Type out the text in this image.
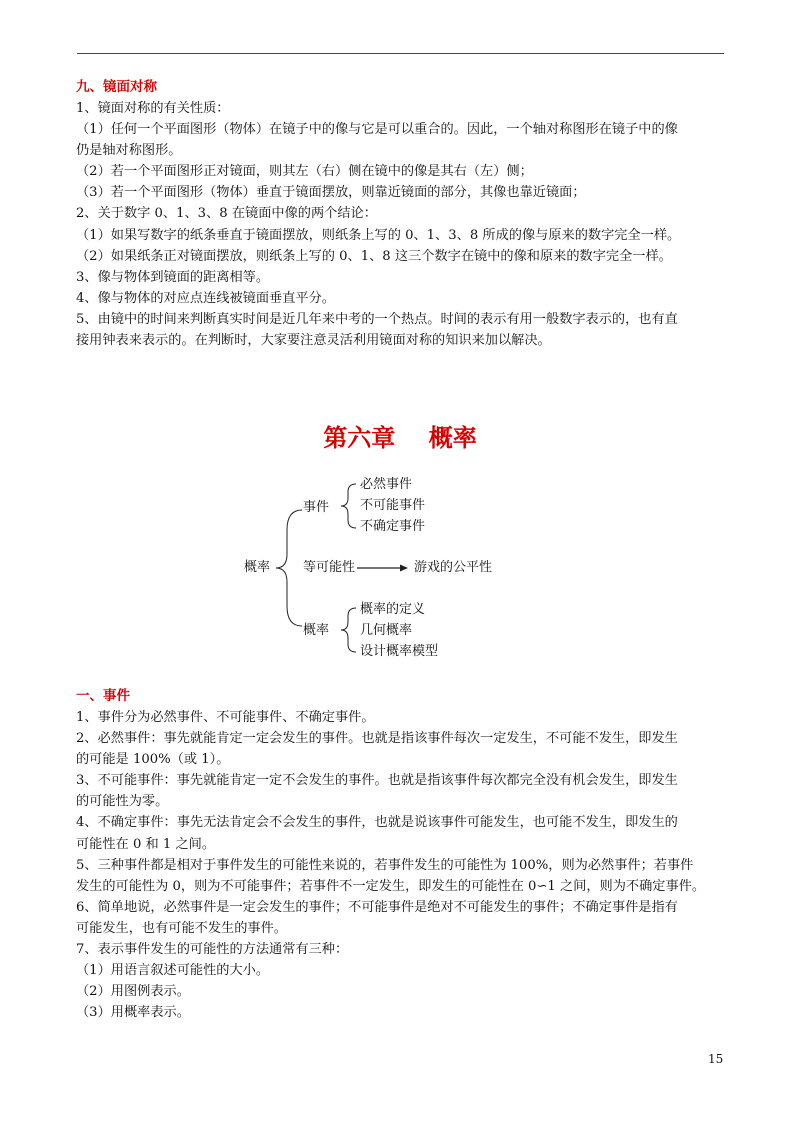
九、镜面对称
1、镜面对称的有关性质：
（1）任何一个平面图形（物体）在镜子中的像与它是可以重合的。因此，一个轴对称图形在镜子中的像
仍是轴对称图形。
（2）若一个平面图形正对镜面，则其左（右）侧在镜中的像是其右（左）侧；
（3）若一个平面图形（物体）垂直于镜面摆放，则靠近镜面的部分，其像也靠近镜面；
2、关于数字 0、1、3、8 在镜面中像的两个结论：
（1）如果写数字的纸条垂直于镜面摆放，则纸条上写的 0、1、3、8 所成的像与原来的数字完全一样。
（2）如果纸条正对镜面摆放，则纸条上写的 0、1、8 这三个数字在镜中的像和原来的数字完全一样。
3、像与物体到镜面的距离相等。
4、像与物体的对应点连线被镜面垂直平分。
5、由镜中的时间来判断真实时间是近几年来中考的一个热点。时间的表示有用一般数字表示的，也有直
接用钟表来表示的。在判断时，大家要注意灵活利用镜面对称的知识来加以解决。
第六章    概率
概率
事件
必然事件
不可能事件
不确定事件
等可能性	游戏的公平性
概率
概率的定义
几何概率
设计概率模型
一、事件
1、事件分为必然事件、不可能事件、不确定事件。
2、必然事件：事先就能肯定一定会发生的事件。也就是指该事件每次一定发生，不可能不发生，即发生
的可能是 100%（或 1）。
3、不可能事件：事先就能肯定一定不会发生的事件。也就是指该事件每次都完全没有机会发生，即发生
的可能性为零。
4、不确定事件：事先无法肯定会不会发生的事件，也就是说该事件可能发生，也可能不发生，即发生的
可能性在 0 和 1 之间。
5、三种事件都是相对于事件发生的可能性来说的，若事件发生的可能性为 100%，则为必然事件；若事件
发生的可能性为 0，则为不可能事件；若事件不一定发生，即发生的可能性在 0∽1 之间，则为不确定事件。
6、简单地说，必然事件是一定会发生的事件；不可能事件是绝对不可能发生的事件；不确定事件是指有
可能发生，也有可能不发生的事件。
7、表示事件发生的可能性的方法通常有三种：
（1）用语言叙述可能性的大小。
（2）用图例表示。
（3）用概率表示。
15
